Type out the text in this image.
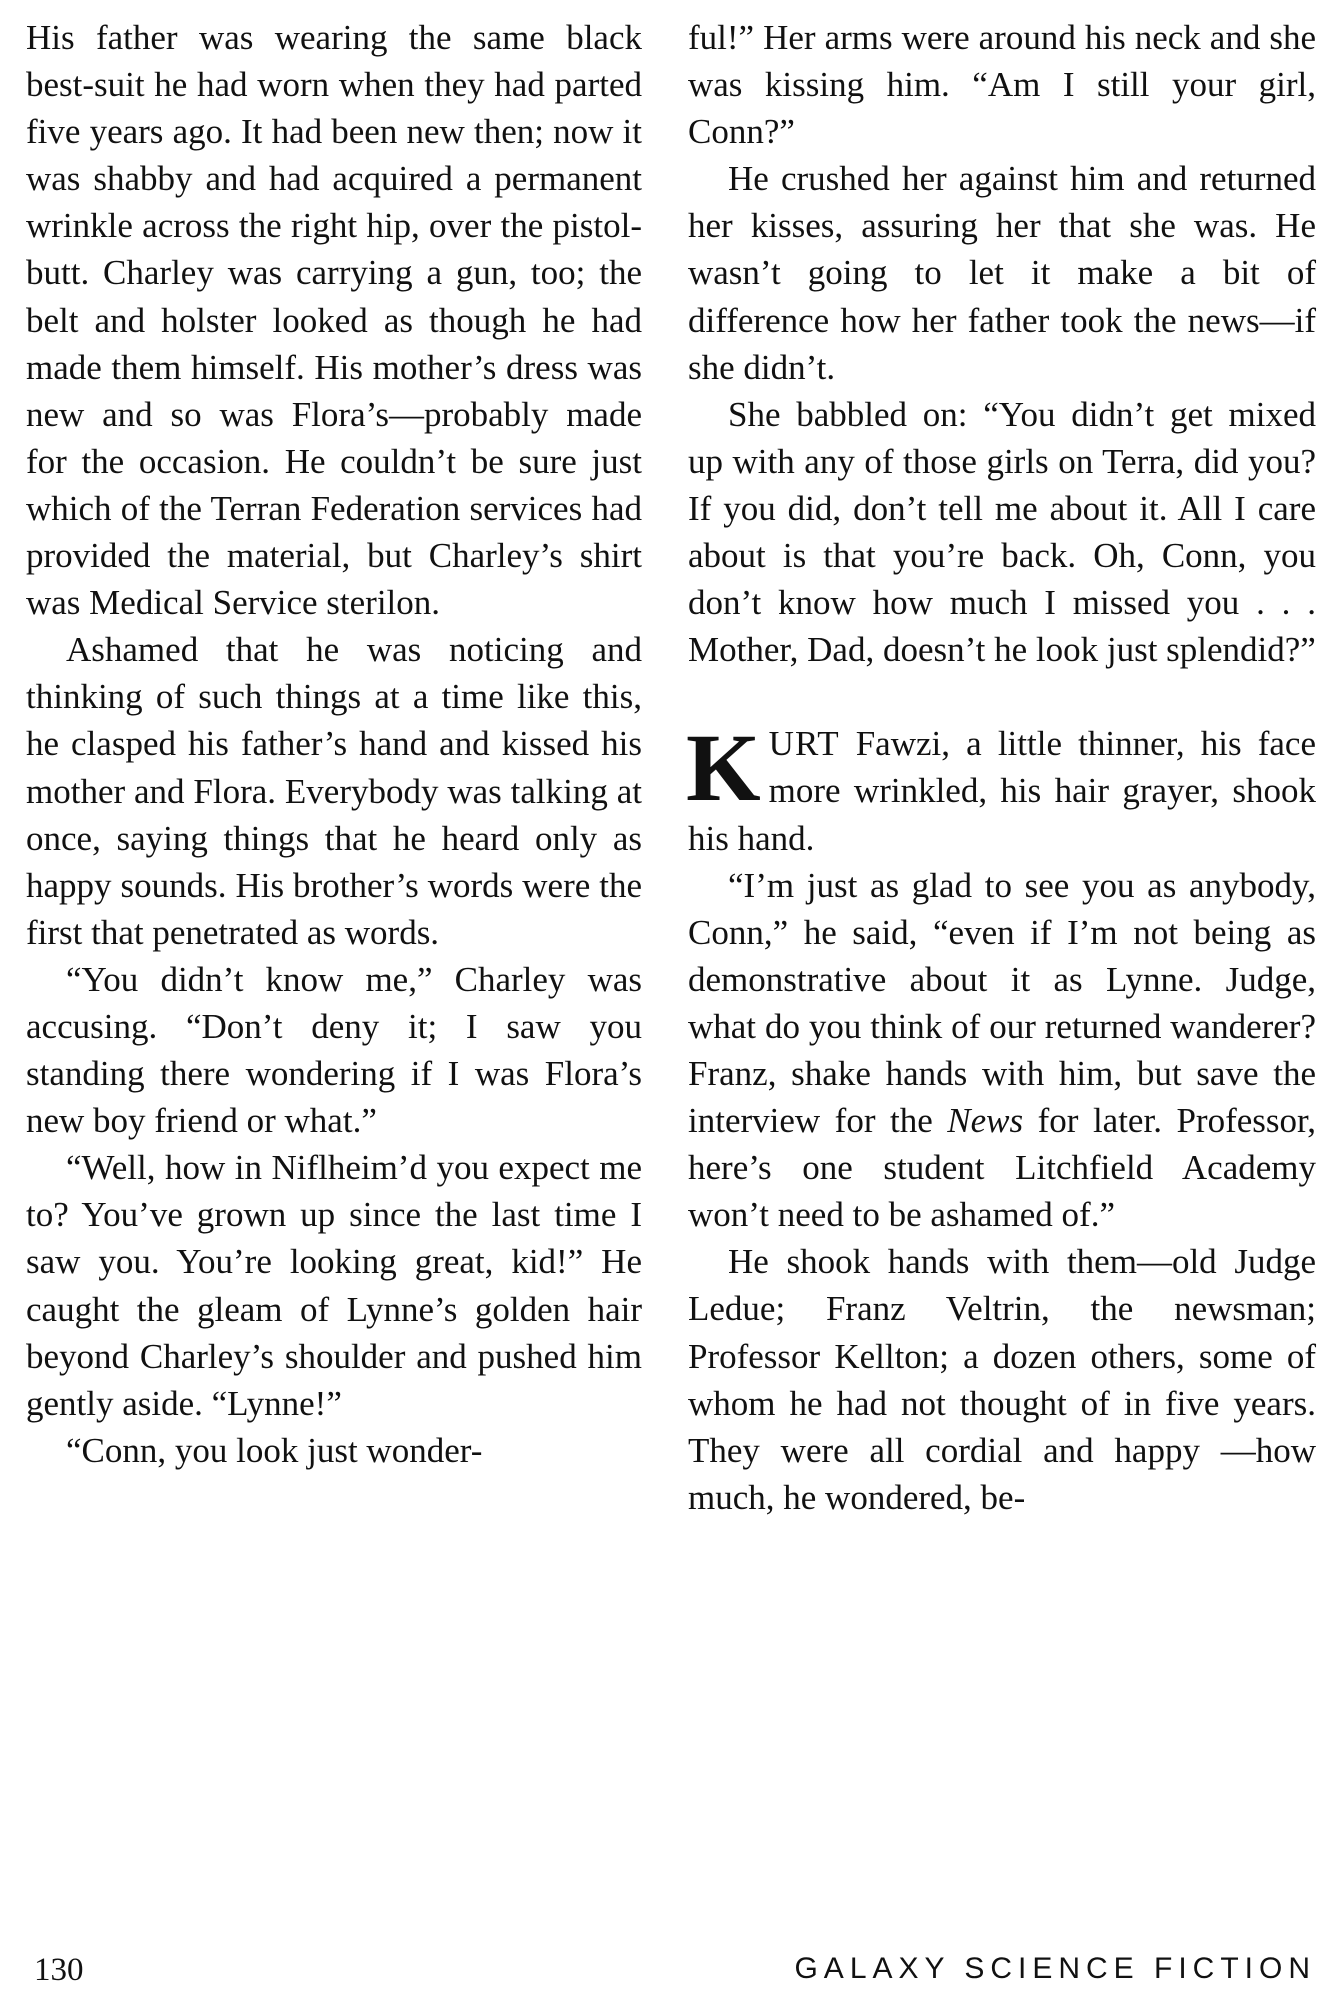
His father was wearing the same black best-suit he had worn when they had parted five years ago. It had been new then; now it was shabby and had acquired a permanent wrinkle across the right hip, over the pistol-butt. Charley was carrying a gun, too; the belt and holster looked as though he had made them himself. His mother’s dress was new and so was Flora’s—probably made for the occasion. He couldn’t be sure just which of the Terran Federation services had provided the material, but Charley’s shirt was Medical Service sterilon.

Ashamed that he was noticing and thinking of such things at a time like this, he clasped his father’s hand and kissed his mother and Flora. Everybody was talking at once, saying things that he heard only as happy sounds. His brother’s words were the first that penetrated as words.

“You didn’t know me,” Charley was accusing. “Don’t deny it; I saw you standing there wondering if I was Flora’s new boy friend or what.”

“Well, how in Niflheim’d you expect me to? You’ve grown up since the last time I saw you. You’re looking great, kid!” He caught the gleam of Lynne’s golden hair beyond Charley’s shoulder and pushed him gently aside. “Lynne!”

“Conn, you look just wonder-

ful!” Her arms were around his neck and she was kissing him. “Am I still your girl, Conn?”

He crushed her against him and returned her kisses, assuring her that she was. He wasn’t going to let it make a bit of difference how her father took the news—if she didn’t.

She babbled on: “You didn’t get mixed up with any of those girls on Terra, did you? If you did, don’t tell me about it. All I care about is that you’re back. Oh, Conn, you don’t know how much I missed you . . . Mother, Dad, doesn’t he look just splendid?”

KURT Fawzi, a little thinner, his face more wrinkled, his hair grayer, shook his hand.

“I’m just as glad to see you as anybody, Conn,” he said, “even if I’m not being as demonstrative about it as Lynne. Judge, what do you think of our returned wanderer? Franz, shake hands with him, but save the interview for the News for later. Professor, here’s one student Litchfield Academy won’t need to be ashamed of.”

He shook hands with them—old Judge Ledue; Franz Veltrin, the newsman; Professor Kellton; a dozen others, some of whom he had not thought of in five years. They were all cordial and happy —how much, he wondered, be-

130	GALAXY SCIENCE FICTION
